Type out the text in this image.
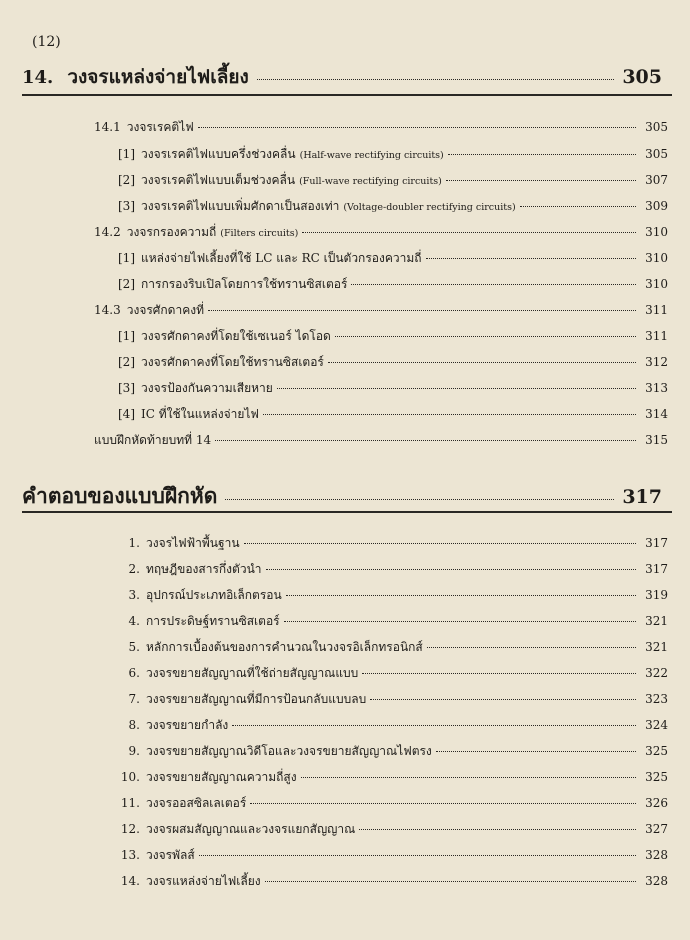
(12)
14. วงจรแหล่งจ่ายไฟเลี้ยง	305
14.1 วงจรเรคติไฟ	305
[1] วงจรเรคติไฟแบบครึ่งช่วงคลื่น (Half-wave rectifying circuits)	305
[2] วงจรเรคติไฟแบบเต็มช่วงคลื่น (Full-wave rectifying circuits)	307
[3] วงจรเรคติไฟแบบเพิ่มศักดาเป็นสองเท่า (Voltage-doubler rectifying circuits)	309
14.2 วงจรกรองความถี่ (Filters circuits)	310
[1] แหล่งจ่ายไฟเลี้ยงที่ใช้ LC และ RC เป็นตัวกรองความถี่	310
[2] การกรองริบเปิลโดยการใช้ทรานซิสเตอร์	310
14.3 วงจรศักดาคงที่	311
[1] วงจรศักดาคงที่โดยใช้เซเนอร์ ไดโอด	311
[2] วงจรศักดาคงที่โดยใช้ทรานซิสเตอร์	312
[3] วงจรป้องกันความเสียหาย	313
[4] IC ที่ใช้ในแหล่งจ่ายไฟ	314
แบบฝึกหัดท้ายบทที่ 14	315
คำตอบของแบบฝึกหัด	317
1. วงจรไฟฟ้าพื้นฐาน	317
2. ทฤษฎีของสารกึ่งตัวนำ	317
3. อุปกรณ์ประเภทอิเล็กตรอน	319
4. การประดิษฐ์ทรานซิสเตอร์	321
5. หลักการเบื้องต้นของการคำนวณในวงจรอิเล็กทรอนิกส์	321
6. วงจรขยายสัญญาณที่ใช้ถ่ายสัญญาณแบบ	322
7. วงจรขยายสัญญาณที่มีการป้อนกลับแบบลบ	323
8. วงจรขยายกำลัง	324
9. วงจรขยายสัญญาณวิดีโอและวงจรขยายสัญญาณไฟตรง	325
10. วงจรขยายสัญญาณความถี่สูง	325
11. วงจรออสซิลเลเตอร์	326
12. วงจรผสมสัญญาณและวงจรแยกสัญญาณ	327
13. วงจรพัลส์	328
14. วงจรแหล่งจ่ายไฟเลี้ยง	328
